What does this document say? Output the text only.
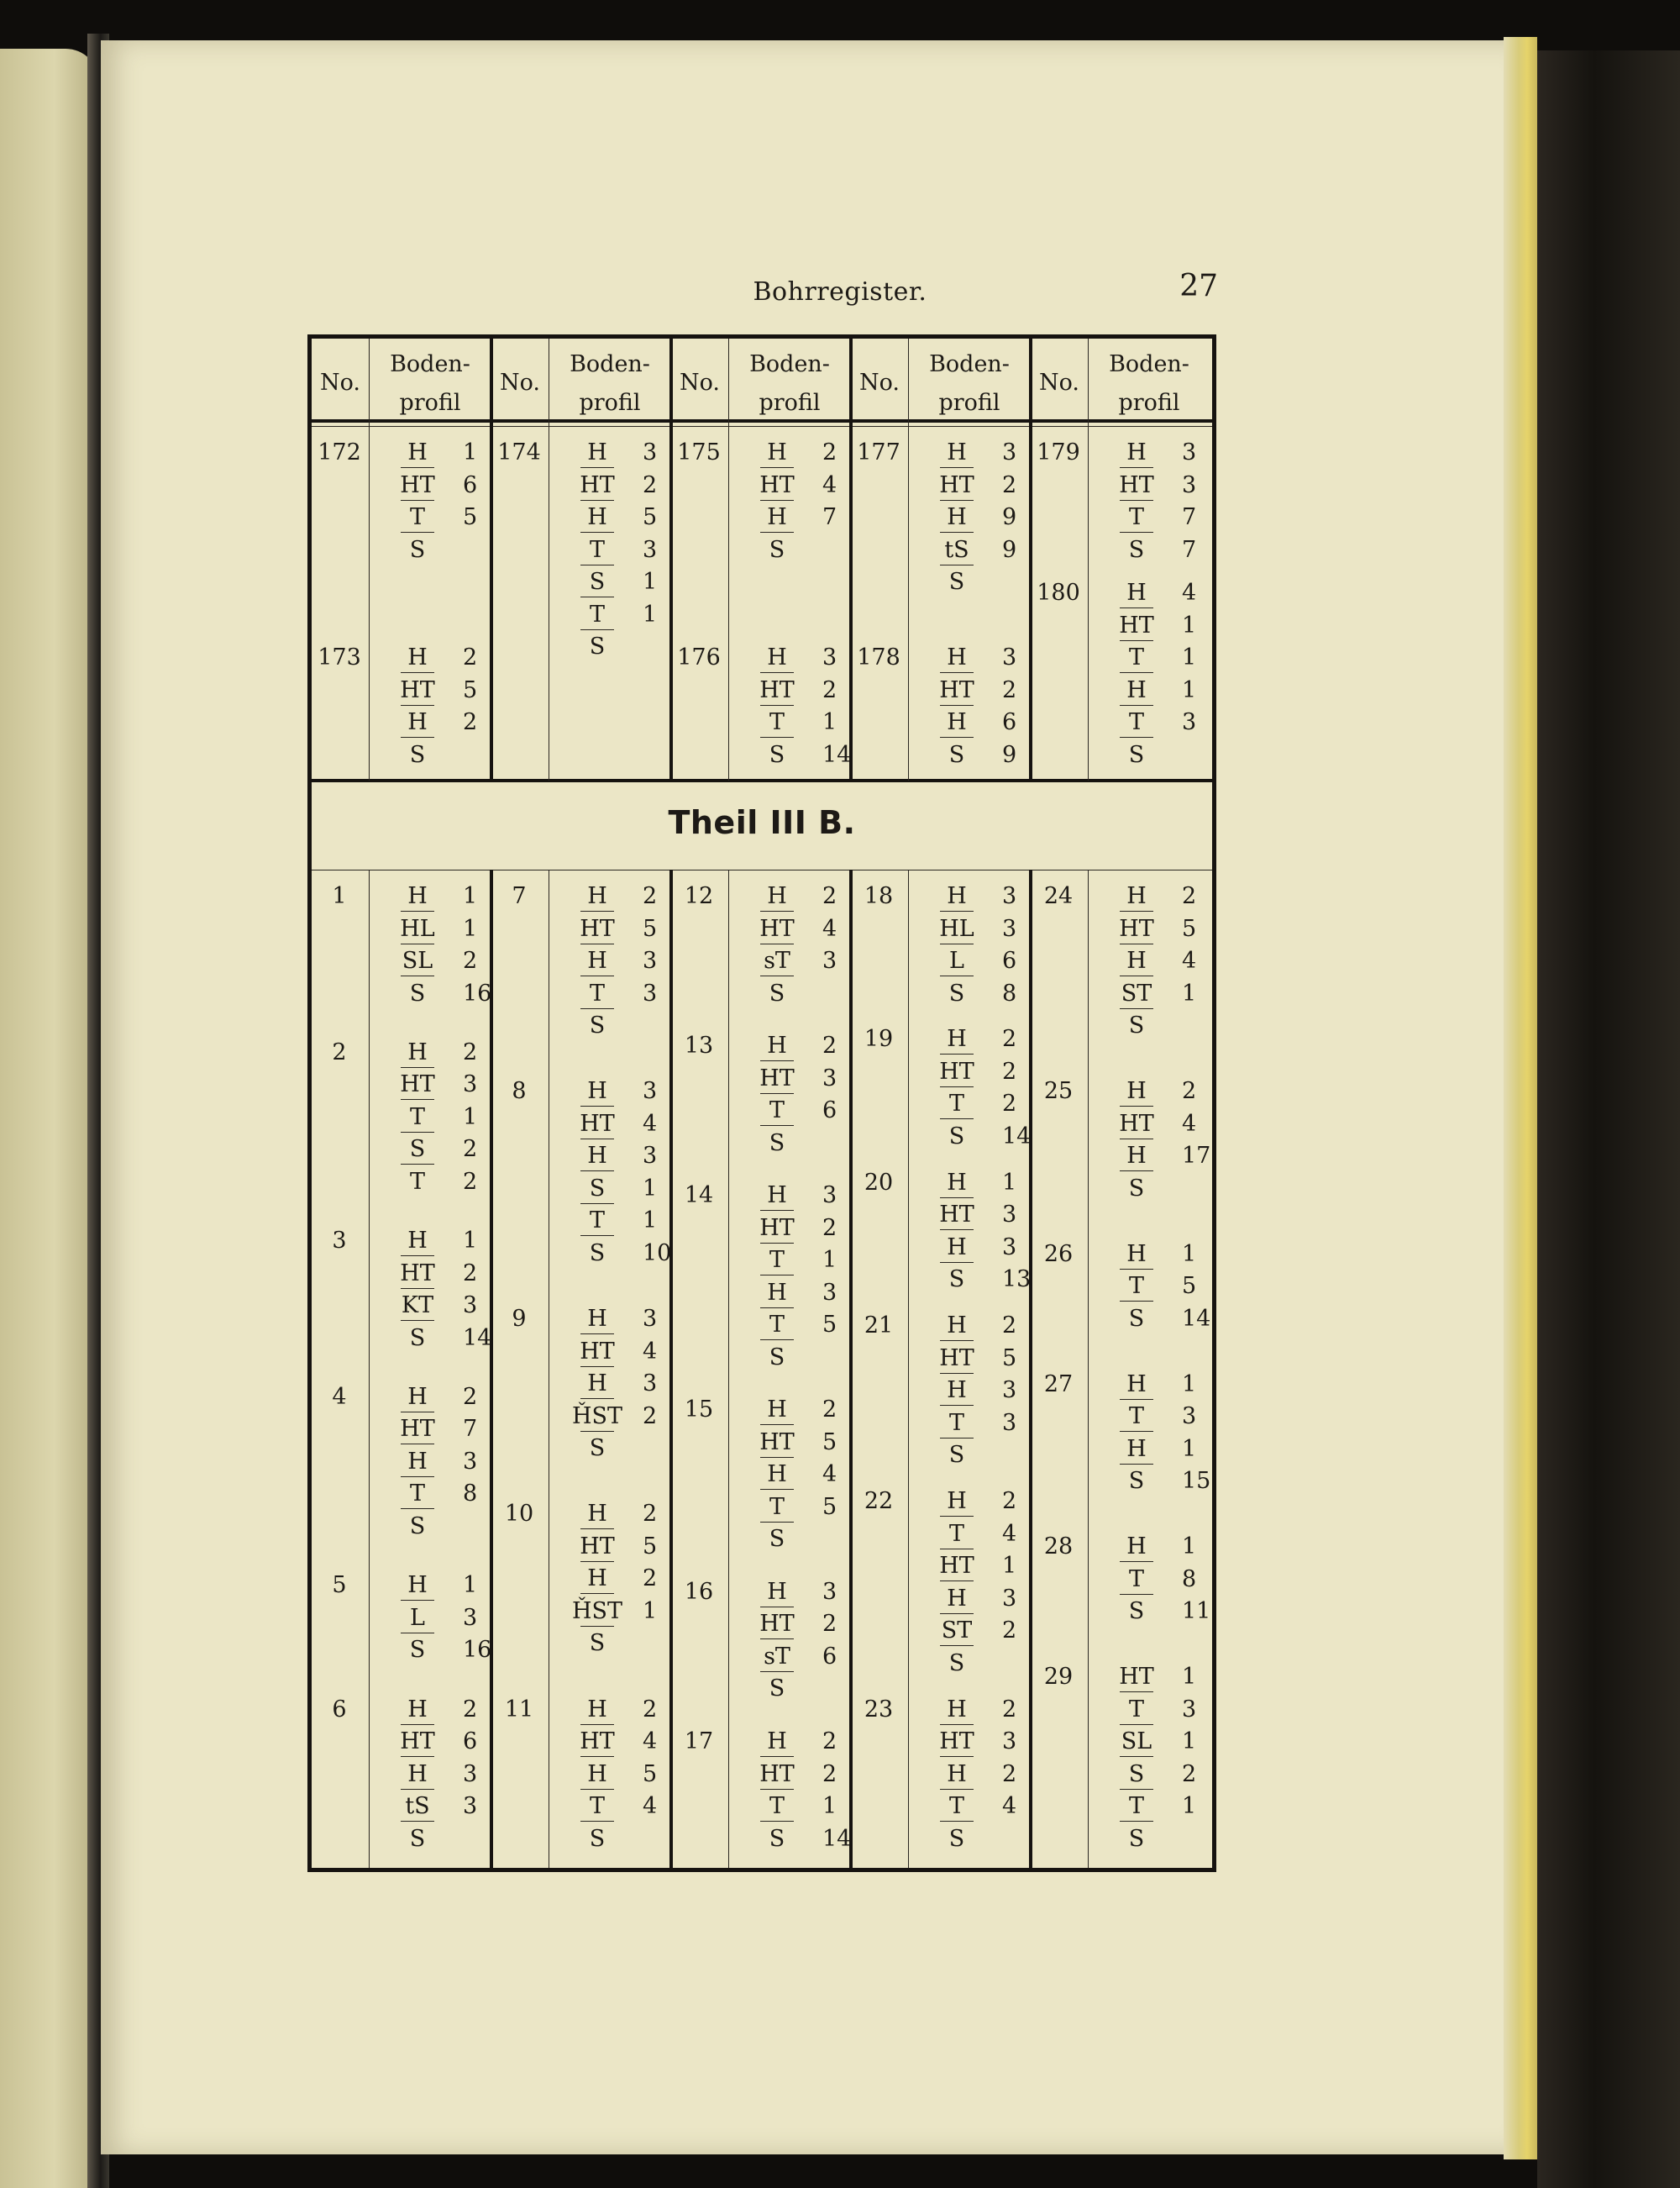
Bohrregister.	27
No.
Boden-
profil
No.
Boden-
profil
No.
Boden-
profil
No.
Boden-
profil
No.
Boden-
profil
Theil III B.
172	H	1
HT	6
T	5
S
173	H	2
HT	5
H	2
S
174	H	3
HT	2
H	5
T	3
S	1
T	1
S
175	H	2
HT	4
H	7
S
176	H	3
HT	2
T	1
S	14
177	H	3
HT	2
H	9
tS	9
S
178	H	3
HT	2
H	6
S	9
179	H	3
HT	3
T	7
S	7
180	H	4
HT	1
T	1
H	1
T	3
S
1	H	1
HL	1
SL	2
S	16
2	H	2
HT	3
T	1
S	2
T	2
3	H	1
HT	2
KT	3
S	14
4	H	2
HT	7
H	3
T	8
S
5	H	1
L	3
S	16
6	H	2
HT	6
H	3
tS	3
S
7	H	2
HT	5
H	3
T	3
S
8	H	3
HT	4
H	3
S	1
T	1
S	10
9	H	3
HT	4
H	3
ȞST 2
S
10	H	2
HT	5
H	2
ȞST 1
S
11	H	2
HT	4
H	5
T	4
S
12	H	2
HT	4
sT	3
S
13	H	2
HT	3
T	6
S
14	H	3
HT	2
T	1
H	3
T	5
S
15	H	2
HT	5
H	4
T	5
S
16	H	3
HT	2
sT	6
S
17	H	2
HT	2
T	1
S	14
18	H	3
HL	3
L	6
S	8
19	H	2
HT	2
T	2
S	14
20	H	1
HT	3
H	3
S	13
21	H	2
HT	5
H	3
T	3
S
22	H	2
T	4
HT	1
H	3
ST	2
S
23	H	2
HT	3
H	2
T	4
S
24	H	2
HT	5
H	4
ST	1
S
25	H	2
HT	4
H	17
S
26	H	1
T	5
S	14
27	H	1
T	3
H	1
S	15
28	H	1
T	8
S	11
29	HT	1
T	3
SL	1
S	2
T	1
S
